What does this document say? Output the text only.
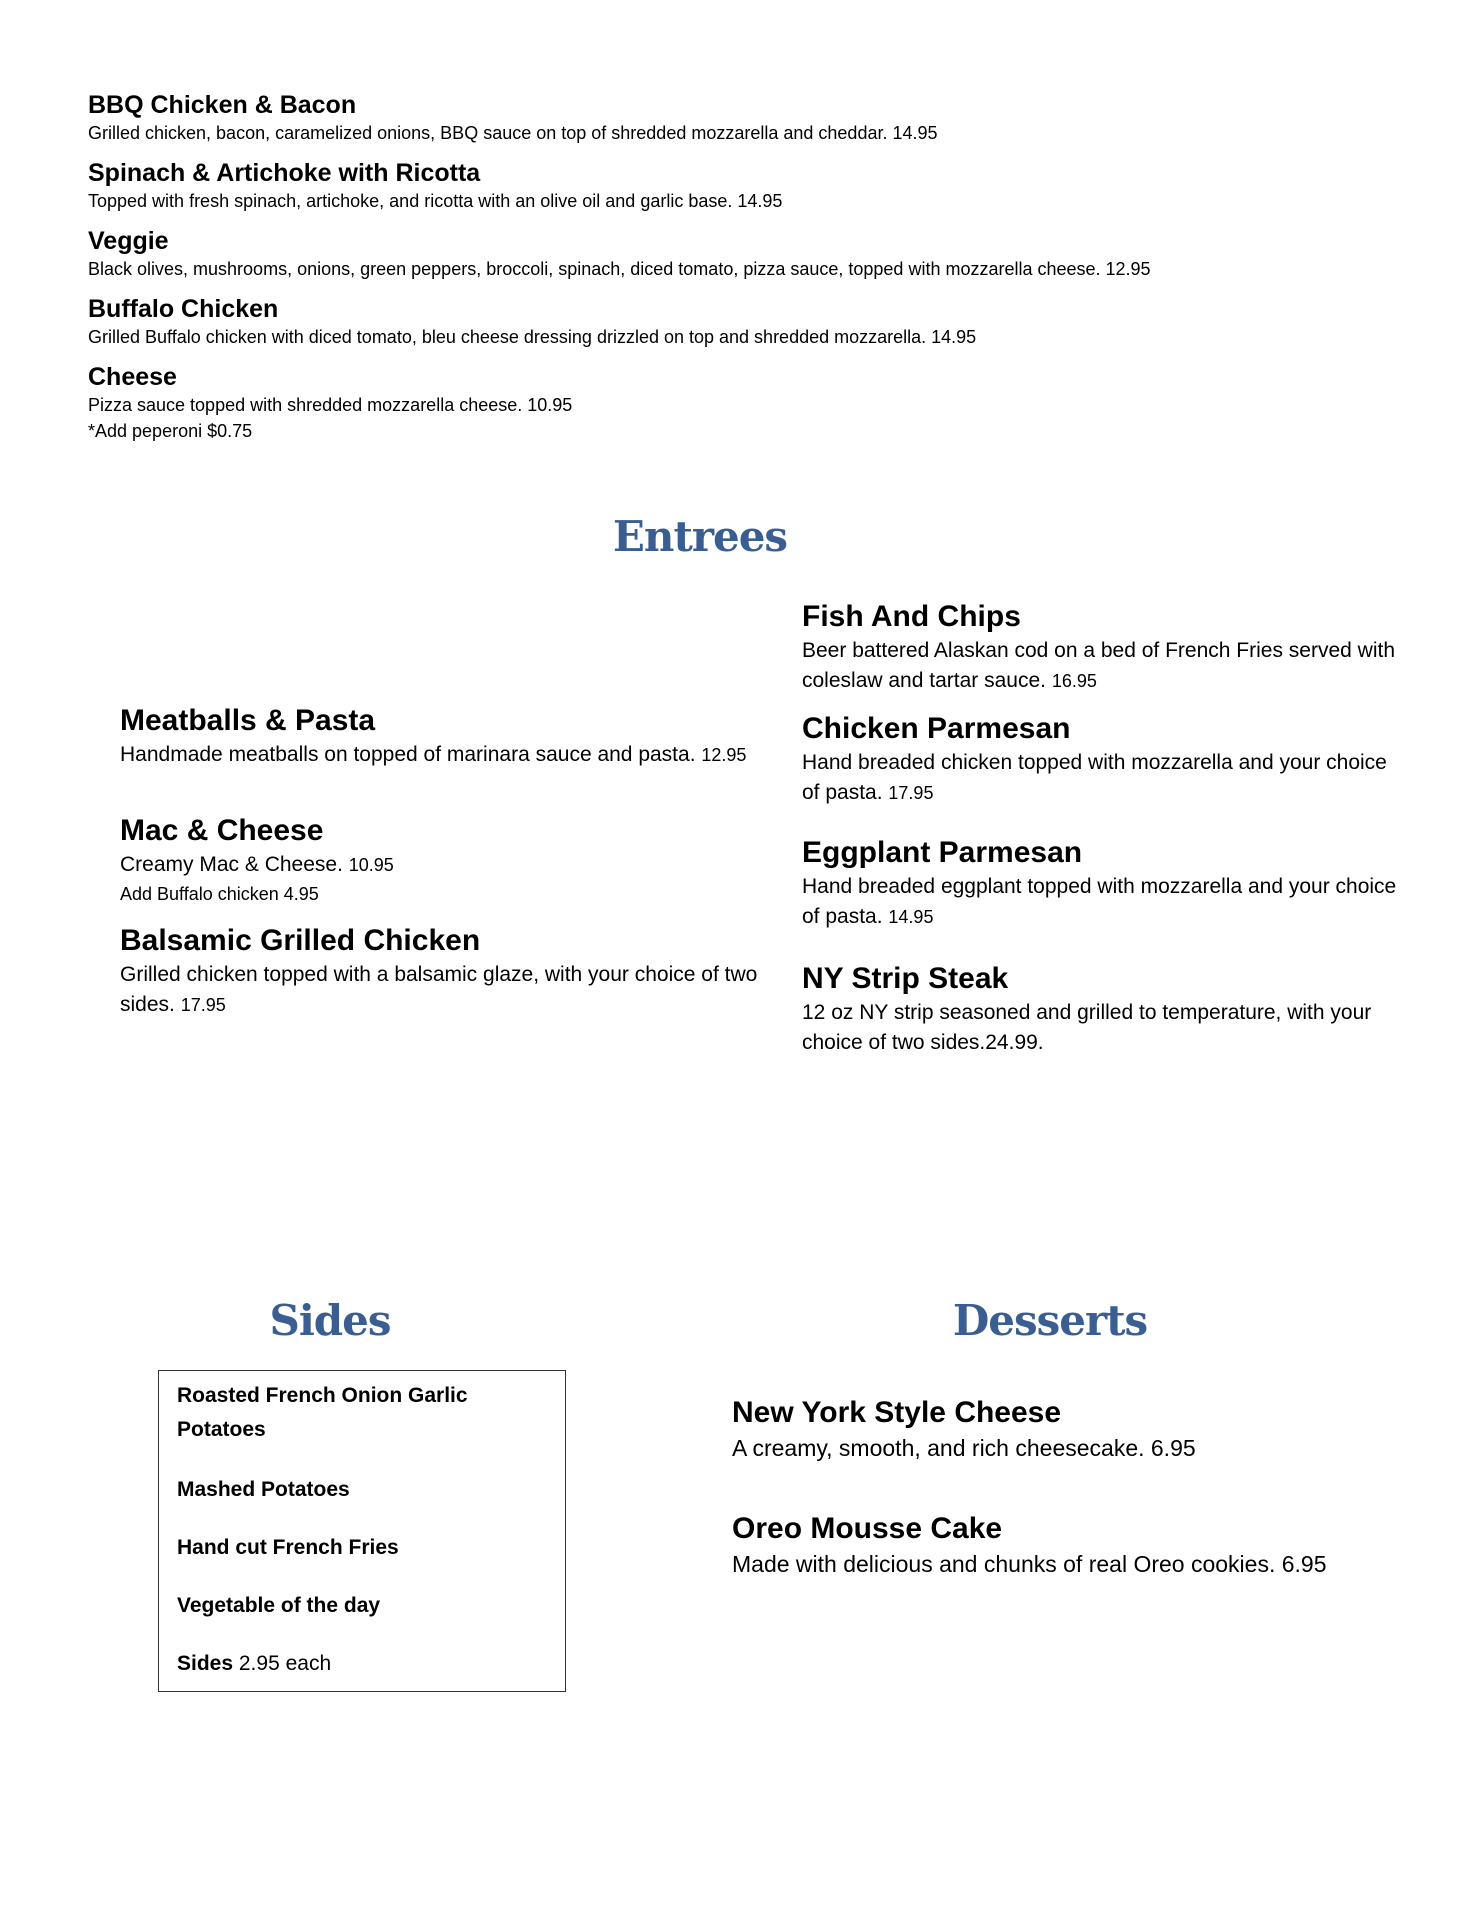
BBQ Chicken & Bacon
Grilled chicken, bacon, caramelized onions, BBQ sauce on top of shredded mozzarella and cheddar. 14.95
Spinach & Artichoke with Ricotta
Topped with fresh spinach, artichoke, and ricotta with an olive oil and garlic base. 14.95
Veggie
Black olives, mushrooms, onions, green peppers, broccoli, spinach, diced tomato, pizza sauce, topped with mozzarella cheese. 12.95
Buffalo Chicken
Grilled Buffalo chicken with diced tomato, bleu cheese dressing drizzled on top and shredded mozzarella. 14.95
Cheese
Pizza sauce topped with shredded mozzarella cheese. 10.95
*Add peperoni $0.75
Entrees
Meatballs & Pasta
Handmade meatballs on topped of marinara sauce and pasta. 12.95
Mac & Cheese
Creamy Mac & Cheese. 10.95
Add Buffalo chicken 4.95
Balsamic Grilled Chicken
Grilled chicken topped with a balsamic glaze, with your choice of two sides. 17.95
Fish And Chips
Beer battered Alaskan cod on a bed of French Fries served with coleslaw and tartar sauce. 16.95
Chicken Parmesan
Hand breaded chicken topped with mozzarella and your choice of pasta. 17.95
Eggplant Parmesan
Hand breaded eggplant topped with mozzarella and your choice of pasta. 14.95
NY Strip Steak
12 oz NY strip seasoned and grilled to temperature, with your choice of two sides.24.99.
Sides
Roasted French Onion Garlic Potatoes
Mashed Potatoes
Hand cut French Fries
Vegetable of the day
Sides 2.95 each
Desserts
New York Style Cheese
A creamy, smooth, and rich cheesecake. 6.95
Oreo Mousse Cake
Made with delicious and chunks of real Oreo cookies. 6.95
